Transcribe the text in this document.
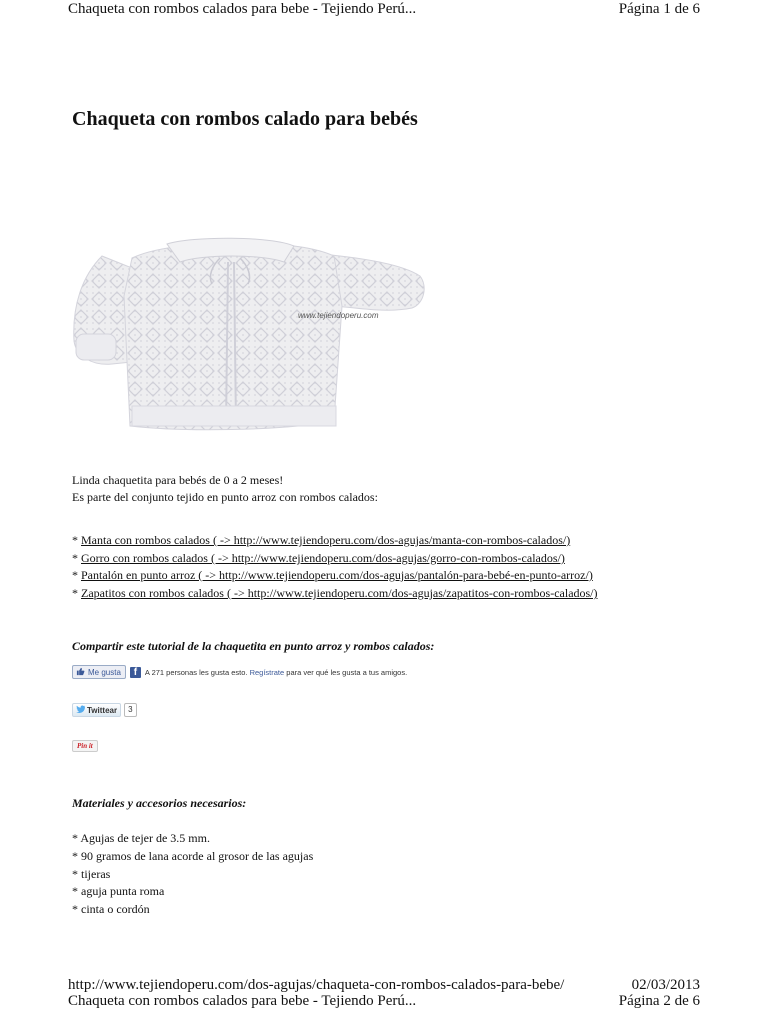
Chaqueta con rombos calados para bebe - Tejiendo Perú...	Página 1 de 6
Chaqueta con rombos calado para bebés
www.tejiendoperu.com
Linda chaquetita para bebés de 0 a 2 meses!
Es parte del conjunto tejido en punto arroz con rombos calados:
* Manta con rombos calados ( -> http://www.tejiendoperu.com/dos-agujas/manta-con-rombos-calados/)
* Gorro con rombos calados ( -> http://www.tejiendoperu.com/dos-agujas/gorro-con-rombos-calados/)
* Pantalón en punto arroz ( -> http://www.tejiendoperu.com/dos-agujas/pantalón-para-bebé-en-punto-arroz/)
* Zapatitos con rombos calados ( -> http://www.tejiendoperu.com/dos-agujas/zapatitos-con-rombos-calados/)
Compartir este tutorial de la chaquetita en punto arroz y rombos calados:
Me gusta	f	A 271 personas les gusta esto. Regístrate para ver qué les gusta a tus amigos.
Twittear	3
Pin it
Materiales y accesorios necesarios:
* Agujas de tejer de 3.5 mm.
* 90 gramos de lana acorde al grosor de las agujas
* tijeras
* aguja punta roma
* cinta o cordón
http://www.tejiendoperu.com/dos-agujas/chaqueta-con-rombos-calados-para-bebe/	02/03/2013
Chaqueta con rombos calados para bebe - Tejiendo Perú...	Página 2 de 6
